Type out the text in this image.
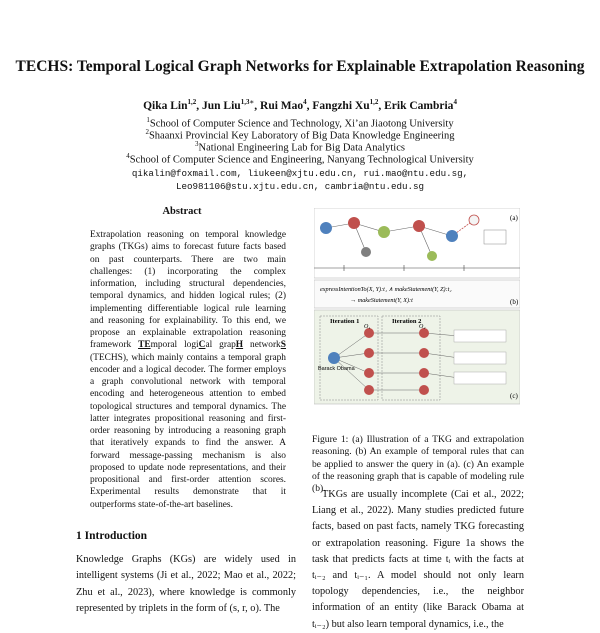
TECHS: Temporal Logical Graph Networks for Explainable Extrapolation Reasoning
Qika Lin$^{1,2}$, Jun Liu$^{1,3∗}$, Rui Mao$^4$, Fangzhi Xu$^{1,2}$, Erik Cambria$^4$
$^1$School of Computer Science and Technology, Xi’an Jiaotong University
$^2$Shaanxi Provincial Key Laboratory of Big Data Knowledge Engineering
$^3$National Engineering Lab for Big Data Analytics
$^4$School of Computer Science and Engineering, Nanyang Technological University
qikalin@foxmail.com, liukeen@xjtu.edu.cn, rui.mao@ntu.edu.sg,
Leo981106@stu.xjtu.edu.cn, cambria@ntu.edu.sg
Abstract
Extrapolation reasoning on temporal knowledge graphs (TKGs) aims to forecast future facts based on past counterparts. There are two main challenges: (1) incorporating the complex information, including structural dependencies, temporal dynamics, and hidden logical rules; (2) implementing differentiable logical rule learning and reasoning for explainability. To this end, we propose an explainable extrapolation reasoning framework TEmporal logiCal grapH networkS (TECHS), which mainly contains a temporal graph encoder and a logical decoder. The former employs a graph convolutional network with temporal encoding and heterogeneous attention to embed topological structures and temporal dynamics. The latter integrates propositional reasoning and first-order reasoning by introducing a reasoning graph that iteratively expands to find the answer. A forward message-passing mechanism is also proposed to update node representations, and their propositional and first-order attention scores. Experimental results demonstrate that it outperforms state-of-the-art baselines.
1 Introduction
Knowledge Graphs (KGs) are widely used in intelligent systems (Ji et al., 2022; Mao et al., 2022; Zhu et al., 2023), where knowledge is commonly represented by triplets in the form of (s, r, o). The
(a)
expressIntentionTo(X, Y):t₁ ∧ makeStatement(Y, Z):t₂
→ makeStatement(Y, X):t	(b)
Iteration 1	Iteration 2
Barack Obama
O₁	O₂
(c)
Figure 1: (a) Illustration of a TKG and extrapolation reasoning. (b) An example of temporal rules that can be applied to answer the query in (a). (c) An example of the reasoning graph that is capable of modeling rule (b).

TKGs are usually incomplete (Cai et al., 2022; Liang et al., 2022). Many studies predicted future facts, based on past facts, namely TKG forecasting or extrapolation reasoning. Figure 1a shows the task that predicts facts at time tᵢ with the facts at tᵢ₋₂ and tᵢ₋₁. A model should not only learn topology dependencies, i.e., the neighbor information of an entity (like Barack Obama at tᵢ₋₂) but also learn temporal dynamics, i.e., the
